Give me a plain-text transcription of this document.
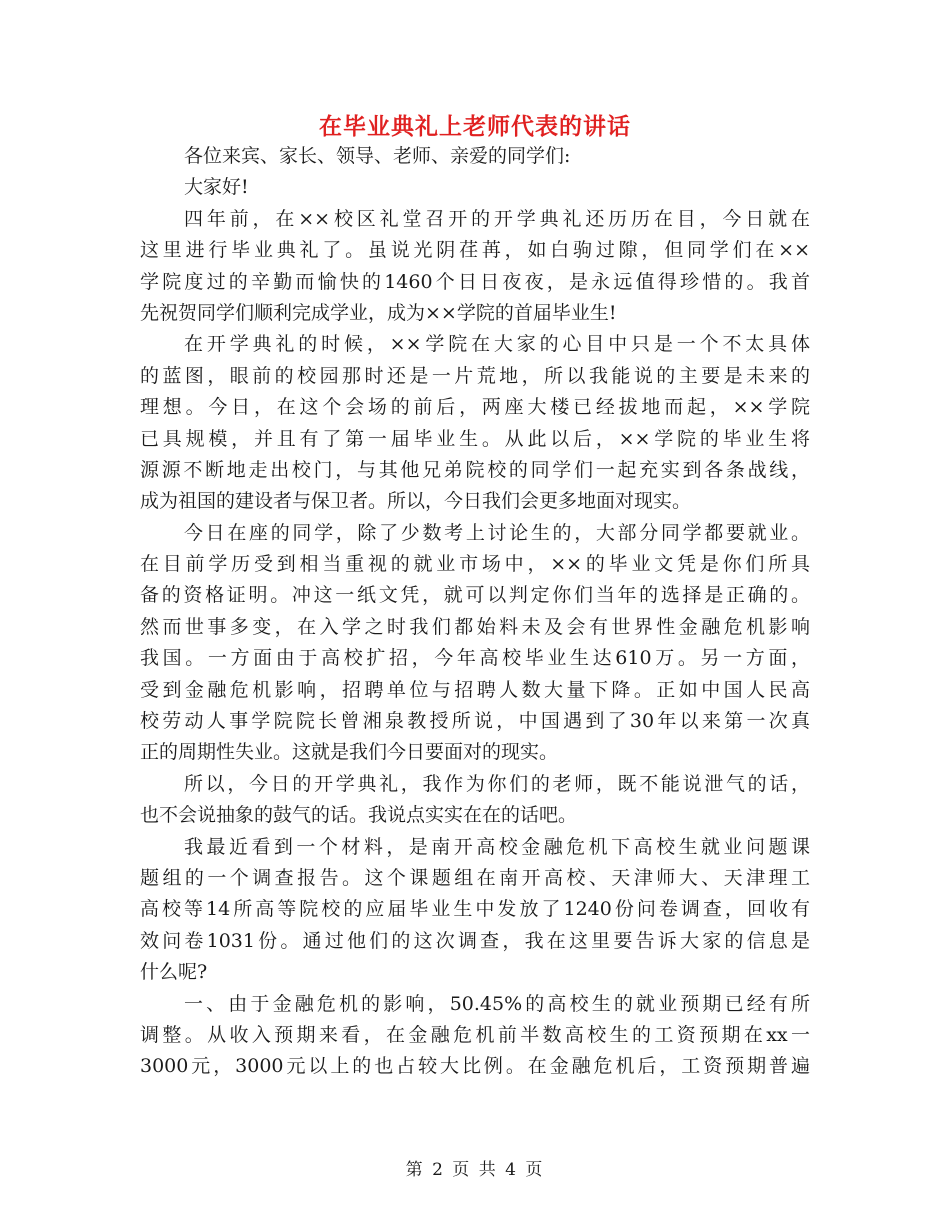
在毕业典礼上老师代表的讲话
各位来宾、家长、领导、老师、亲爱的同学们:
大家好!
四年前，在××校区礼堂召开的开学典礼还历历在目，今日就在
这里进行毕业典礼了。虽说光阴荏苒，如白驹过隙，但同学们在××
学院度过的辛勤而愉快的1460个日日夜夜，是永远值得珍惜的。我首
先祝贺同学们顺利完成学业，成为××学院的首届毕业生!
在开学典礼的时候，××学院在大家的心目中只是一个不太具体
的蓝图，眼前的校园那时还是一片荒地，所以我能说的主要是未来的
理想。今日，在这个会场的前后，两座大楼已经拔地而起，××学院
已具规模，并且有了第一届毕业生。从此以后，××学院的毕业生将
源源不断地走出校门，与其他兄弟院校的同学们一起充实到各条战线，
成为祖国的建设者与保卫者。所以，今日我们会更多地面对现实。
今日在座的同学，除了少数考上讨论生的，大部分同学都要就业。
在目前学历受到相当重视的就业市场中，××的毕业文凭是你们所具
备的资格证明。冲这一纸文凭，就可以判定你们当年的选择是正确的。
然而世事多变，在入学之时我们都始料未及会有世界性金融危机影响
我国。一方面由于高校扩招，今年高校毕业生达610万。另一方面，
受到金融危机影响，招聘单位与招聘人数大量下降。正如中国人民高
校劳动人事学院院长曾湘泉教授所说，中国遇到了30年以来第一次真
正的周期性失业。这就是我们今日要面对的现实。
所以，今日的开学典礼，我作为你们的老师，既不能说泄气的话，
也不会说抽象的鼓气的话。我说点实实在在的话吧。
我最近看到一个材料，是南开高校金融危机下高校生就业问题课
题组的一个调查报告。这个课题组在南开高校、天津师大、天津理工
高校等14所高等院校的应届毕业生中发放了1240份问卷调查，回收有
效问卷1031份。通过他们的这次调查，我在这里要告诉大家的信息是
什么呢?
一、由于金融危机的影响，50.45%的高校生的就业预期已经有所
调整。从收入预期来看，在金融危机前半数高校生的工资预期在xx一
3000元，3000元以上的也占较大比例。在金融危机后，工资预期普遍
第 2 页 共 4 页
